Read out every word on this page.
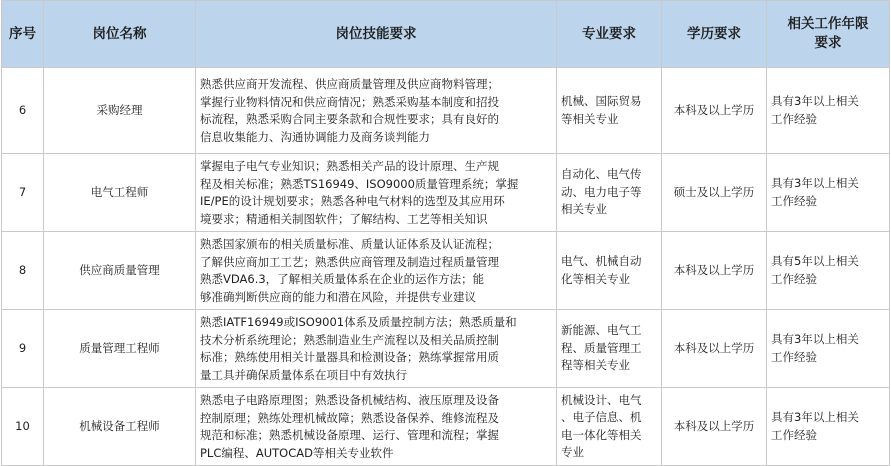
序号	岗位名称	岗位技能要求	专业要求	学历要求	相关工作年限
要求
6	采购经理	熟悉供应商开发流程、供应商质量管理及供应商物料管理；
掌握行业物料情况和供应商情况；熟悉采购基本制度和招投
标流程，熟悉采购合同主要条款和合规性要求；具有良好的
信息收集能力、沟通协调能力及商务谈判能力	机械、国际贸易
等相关专业	本科及以上学历	具有3年以上相关
工作经验

7	电气工程师	掌握电子电气专业知识；熟悉相关产品的设计原理、生产规
程及相关标准；熟悉TS16949、ISO9000质量管理系统；掌握
IE/PE的设计规划要求；熟悉各种电气材料的选型及其应用环
境要求；精通相关制图软件；了解结构、工艺等相关知识	自动化、电气传
动、电力电子等
相关专业	硕士及以上学历	具有3年以上相关
工作经验

8	供应商质量管理	熟悉国家颁布的相关质量标准、质量认证体系及认证流程；
了解供应商加工工艺；熟悉供应商管理及制造过程质量管理
熟悉VDA6.3，了解相关质量体系在企业的运作方法；能
够准确判断供应商的能力和潜在风险，并提供专业建议	电气、机械自动
化等相关专业	本科及以上学历	具有5年以上相关
工作经验

9	质量管理工程师	熟悉IATF16949或ISO9001体系及质量控制方法；熟悉质量和
技术分析系统理论；熟悉制造业生产流程以及相关品质控制
标准；熟练使用相关计量器具和检测设备；熟练掌握常用质
量工具并确保质量体系在项目中有效执行	新能源、电气工
程、质量管理工
程等相关专业	本科及以上学历	具有3年以上相关
工作经验

10	机械设备工程师	熟悉电子电路原理图；熟悉设备机械结构、液压原理及设备
控制原理；熟练处理机械故障；熟悉设备保养、维修流程及
规范和标准；熟悉机械设备原理、运行、管理和流程；掌握
PLC编程、AUTOCAD等相关专业软件	机械设计、电气
、电子信息、机
电一体化等相关
专业	本科及以上学历	具有3年以上相关
工作经验
